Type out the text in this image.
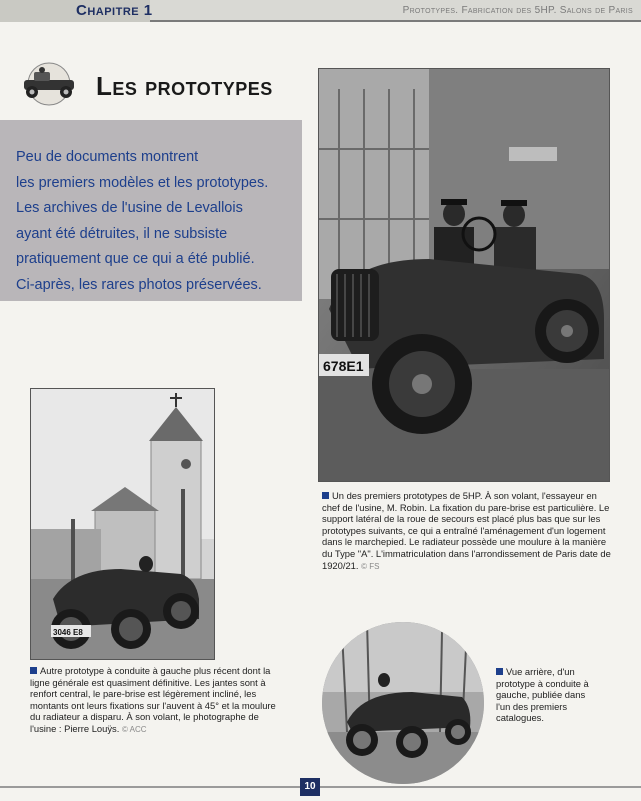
Chapitre 1	Prototypes. Fabrication des 5HP. Salons de Paris
Les prototypes
Peu de documents montrent
les premiers modèles et les prototypes.
Les archives de l'usine de Levallois
ayant été détruites, il ne subsiste
pratiquement que ce qui a été publié.
Ci-après, les rares photos préservées.
678E1
Un des premiers prototypes de 5HP. À son volant, l'essayeur en chef de l'usine, M. Robin. La fixation du pare-brise est particulière. Le support latéral de la roue de secours est placé plus bas que sur les prototypes suivants, ce qui a entraîné l'aménagement d'un logement dans le marchepied. Le radiateur possède une moulure à la manière du Type "A". L'immatriculation dans l'arrondissement de Paris date de 1920/21. © FS
3046 E8
Autre prototype à conduite à gauche plus récent dont la ligne générale est quasiment définitive. Les jantes sont à renfort central, le pare-brise est légèrement incliné, les montants ont leurs fixations sur l'auvent à 45° et la moulure du radiateur a disparu. À son volant, le photographe de l'usine : Pierre Louÿs. © ACC
Vue arrière, d'un prototype à conduite à gauche, publiée dans l'un des premiers catalogues.
10
